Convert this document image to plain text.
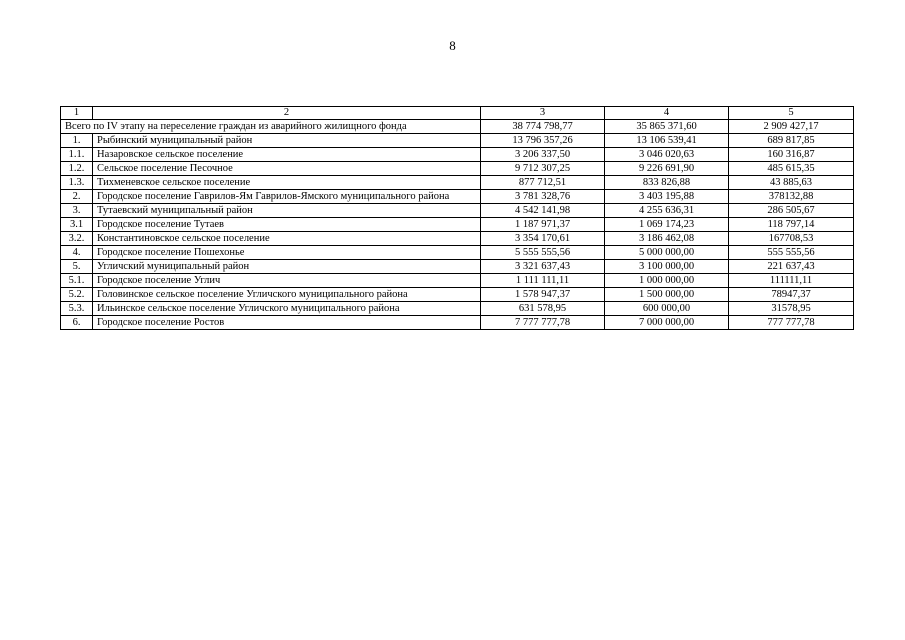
8
1	2	3	4	5
Всего по IV этапу на переселение граждан из аварийного жилищного фонда		38 774 798,77	35 865 371,60	2 909 427,17
1.	Рыбинский муниципальный район	13 796 357,26	13 106 539,41	689 817,85
1.1.	Назаровское сельское поселение	3 206 337,50	3 046 020,63	160 316,87
1.2.	Сельское поселение Песочное	9 712 307,25	9 226 691,90	485 615,35
1.3.	Тихменевское сельское поселение	877 712,51	833 826,88	43 885,63
2.	Городское поселение Гаврилов-Ям Гаврилов-Ямского муниципального района	3 781 328,76	3 403 195,88	378132,88
3.	Тутаевский муниципальный район	4 542 141,98	4 255 636,31	286 505,67
3.1	Городское поселение Тутаев	1 187 971,37	1 069 174,23	118 797,14
3.2.	Константиновское сельское поселение	3 354 170,61	3 186 462,08	167708,53
4.	Городское поселение Пошехонье	5 555 555,56	5 000 000,00	555 555,56
5.	Угличский муниципальный район	3 321 637,43	3 100 000,00	221 637,43
5.1.	Городское поселение Углич	1 111 111,11	1 000 000,00	111111,11
5.2.	Головинское сельское поселение Угличского муниципального района	1 578 947,37	1 500 000,00	78947,37
5.3.	Ильинское сельское поселение Угличского муниципального района	631 578,95	600 000,00	31578,95
6.	Городское поселение Ростов	7 777 777,78	7 000 000,00	777 777,78
